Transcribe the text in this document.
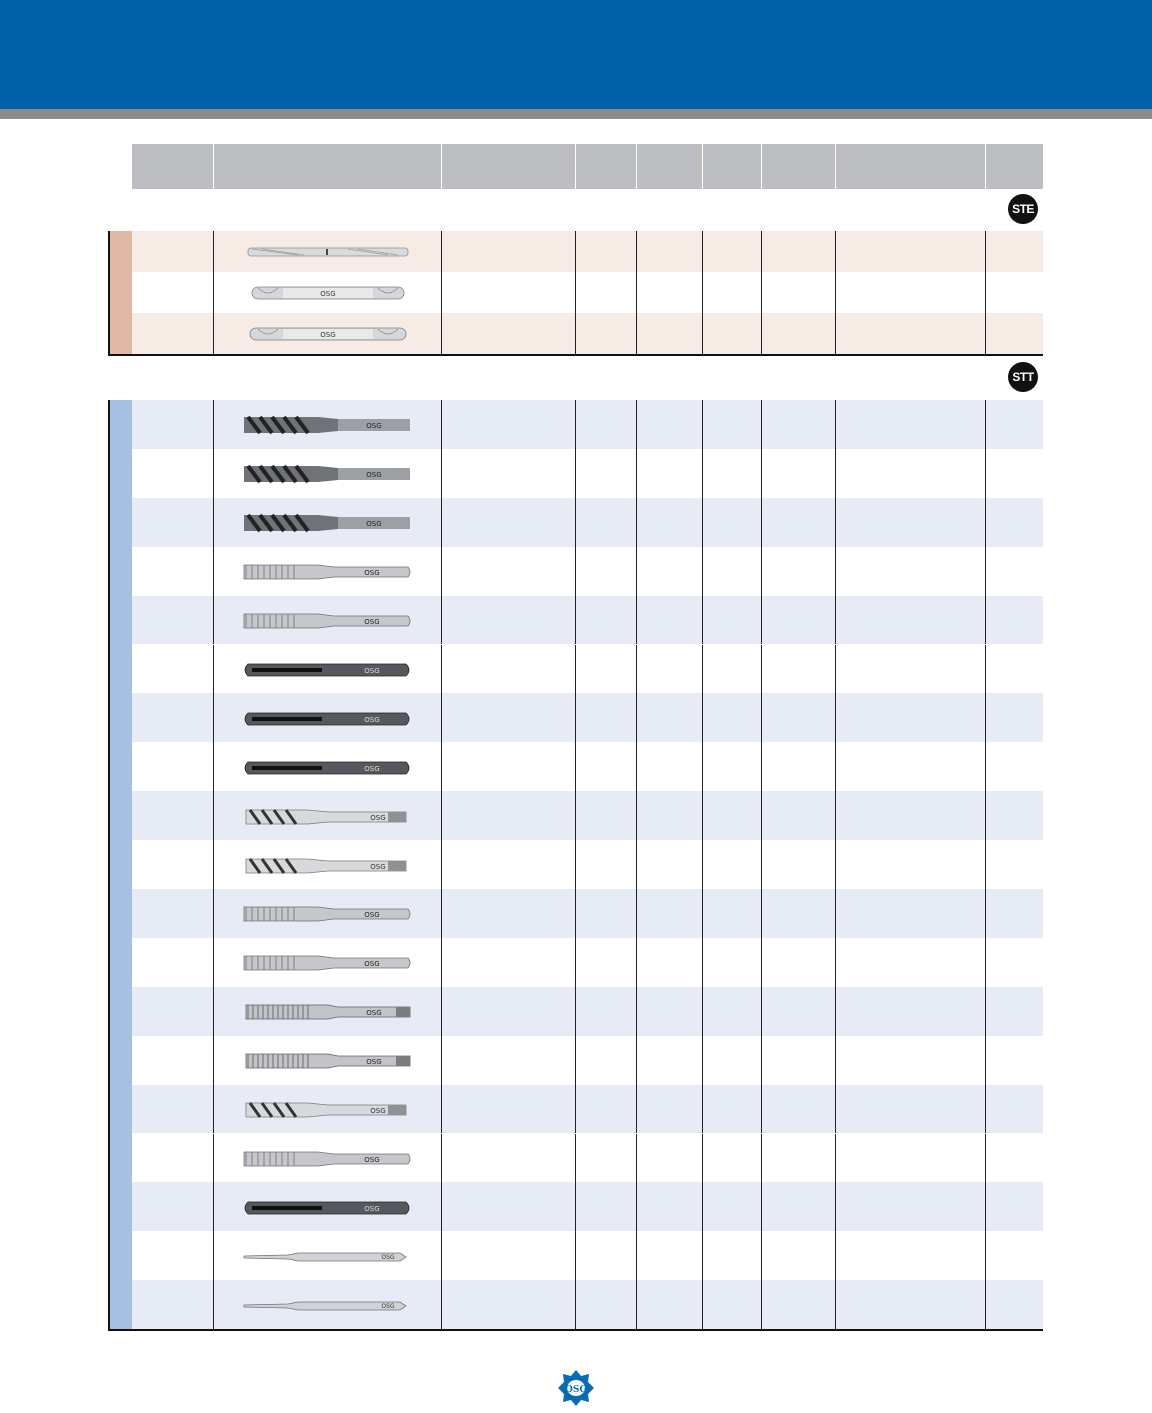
STE
OSG
OSG
STT
OSG
OSG
OSG
OSG
OSG
OSG
OSG
OSG
OSG
OSG
OSG
OSG
OSG
OSG
OSG
OSG
OSG
OSG
OSG
OSG
